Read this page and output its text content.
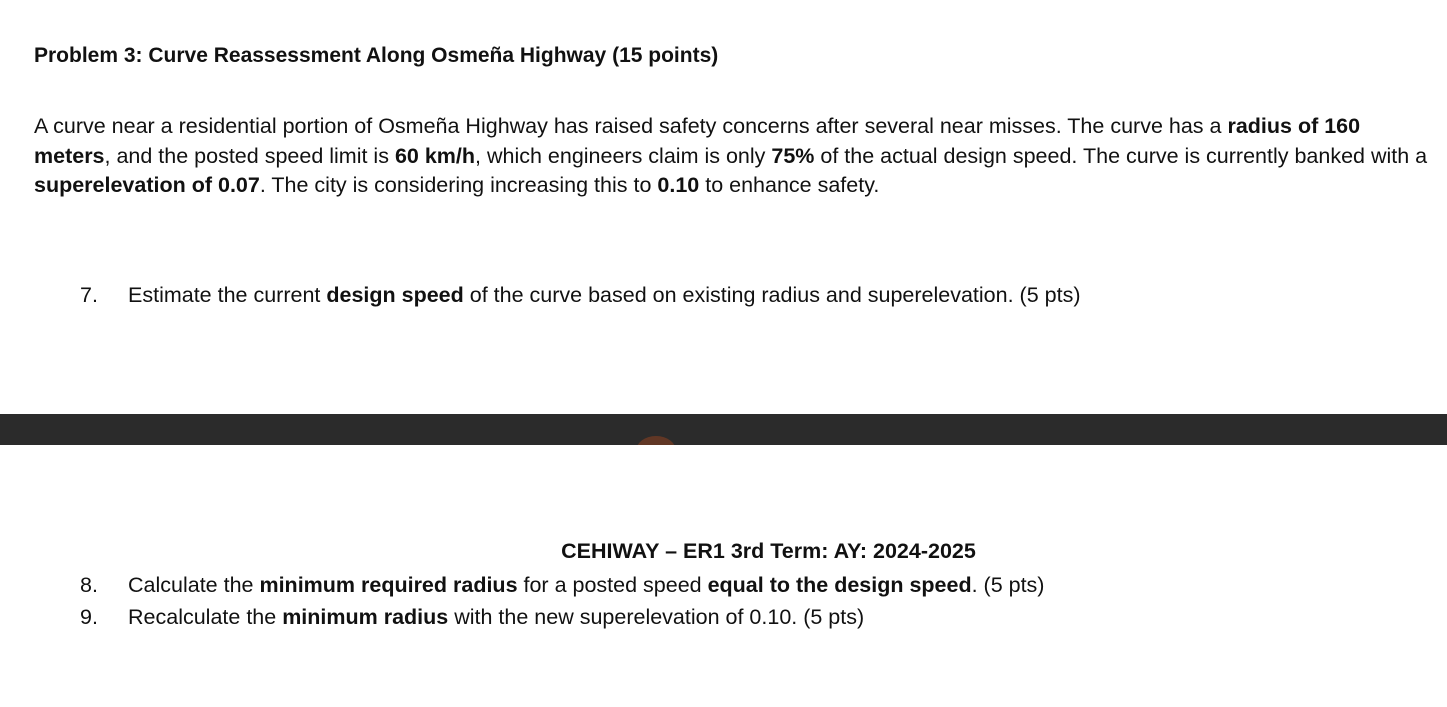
Problem 3: Curve Reassessment Along Osmeña Highway (15 points)

A curve near a residential portion of Osmeña Highway has raised safety concerns after several near misses. The curve has a radius of 160 meters, and the posted speed limit is 60 km/h, which engineers claim is only 75% of the actual design speed. The curve is currently banked with a superelevation of 0.07. The city is considering increasing this to 0.10 to enhance safety.

7. Estimate the current design speed of the curve based on existing radius and superelevation. (5 pts)
CEHIWAY – ER1 3rd Term: AY: 2024-2025
8. Calculate the minimum required radius for a posted speed equal to the design speed. (5 pts)
9. Recalculate the minimum radius with the new superelevation of 0.10. (5 pts)
